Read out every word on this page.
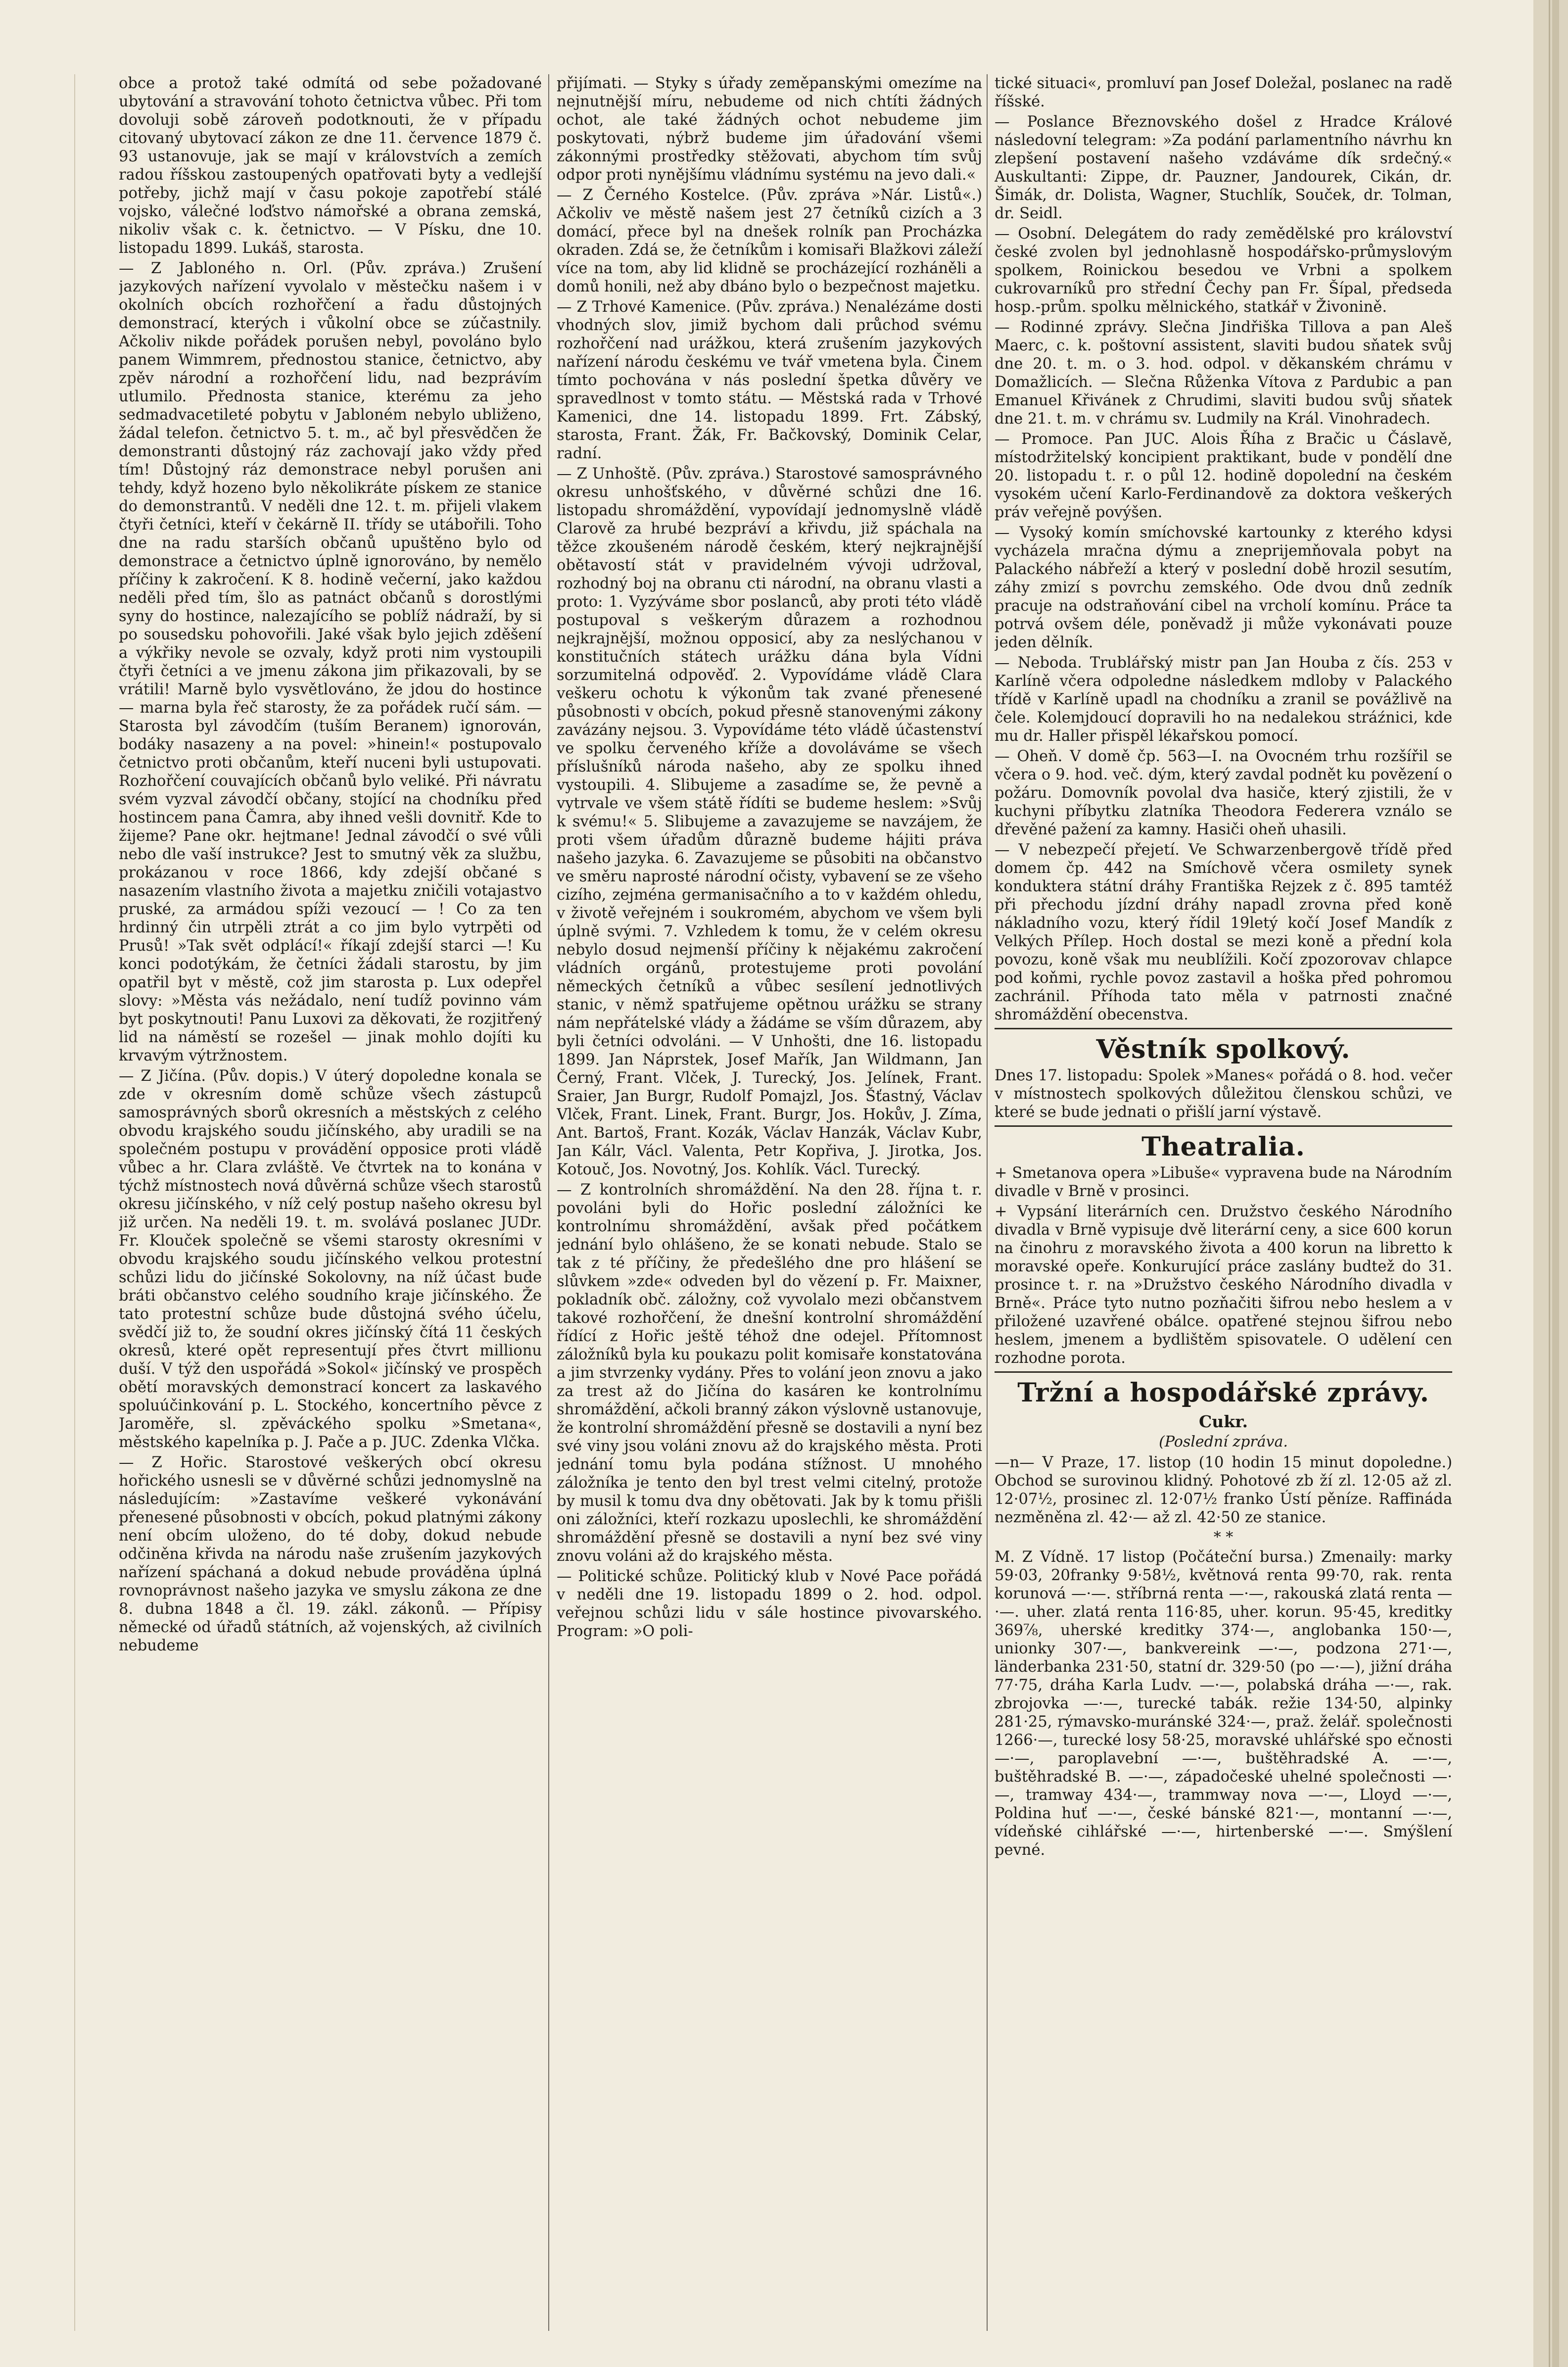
obce a protož také odmítá od sebe požadované ubytování a stravování tohoto četnictva vůbec. Při tom dovoluji sobě zároveň podotknouti, že v případu citovaný ubytovací zákon ze dne 11. července 1879 č. 93 ustanovuje, jak se mají v královstvích a zemích radou říšskou zastoupených opatřovati byty a vedlejší potřeby, jichž mají v času pokoje zapotřebí stálé vojsko, válečné loďstvo námořské a obrana zemská, nikoliv však c. k. četnictvo. — V Písku, dne 10. listopadu 1899. Lukáš, starosta.

— Z Jabloného n. Orl. (Pův. zpráva.) Zrušení jazykových nařízení vyvolalo v městečku našem i v okolních obcích rozhořčení a řadu důstojných demonstrací, kterých i vůkolní obce se zúčastnily. Ačkoliv nikde pořádek porušen nebyl, povoláno bylo panem Wimmrem, přednostou stanice, četnictvo, aby zpěv národní a rozhořčení lidu, nad bezprávím utlumilo. Přednosta stanice, kterému za jeho sedmadvacetileté pobytu v Jabloném nebylo ubliženo, žádal telefon. četnictvo 5. t. m., ač byl přesvědčen že demonstranti důstojný ráz zachovají jako vždy před tím! Důstojný ráz demonstrace nebyl porušen ani tehdy, když hozeno bylo několikráte pískem ze stanice do demonstrantů. V neděli dne 12. t. m. přijeli vlakem čtyři četníci, kteří v čekárně II. třídy se utábořili. Toho dne na radu starších občanů upuštěno bylo od demonstrace a četnictvo úplně ignorováno, by nemělo příčiny k zakročení. K 8. hodině večerní, jako každou neděli před tím, šlo as patnáct občanů s dorostlými syny do hostince, nalezajícího se poblíž nádraží, by si po sousedsku pohovořili. Jaké však bylo jejich zděšení a výkřiky nevole se ozvaly, když proti nim vystoupili čtyři četníci a ve jmenu zákona jim přikazovali, by se vrátili! Marně bylo vysvětlováno, že jdou do hostince — marna byla řeč starosty, že za pořádek ručí sám. — Starosta byl závodčím (tuším Beranem) ignorován, bodáky nasazeny a na povel: »hinein!« postupovalo četnictvo proti občanům, kteří nuceni byli ustupovati. Rozhořčení couvajících občanů bylo veliké. Při návratu svém vyzval závodčí občany, stojící na chodníku před hostincem pana Čamra, aby ihned vešli dovnitř. Kde to žijeme? Pane okr. hejtmane! Jednal závodčí o své vůli nebo dle vaší instrukce? Jest to smutný věk za službu, prokázanou v roce 1866, kdy zdejší občané s nasazením vlastního života a majetku zničili votajastvo pruské, za armádou spíži vezoucí — ! Co za ten hrdinný čin utrpěli ztrát a co jim bylo vytrpěti od Prusů! »Tak svět odplácí!« říkají zdejší starci —! Ku konci podotýkám, že četníci žádali starostu, by jim opatřil byt v městě, což jim starosta p. Lux odepřel slovy: »Města vás nežádalo, není tudíž povinno vám byt poskytnouti! Panu Luxovi za děkovati, že rozjitřený lid na náměstí se rozešel — jinak mohlo dojíti ku krvavým výtržnostem.

— Z Jičína. (Pův. dopis.) V úterý dopoledne konala se zde v okresním domě schůze všech zástupců samosprávných sborů okresních a městských z celého obvodu krajského soudu jičínského, aby uradili se na společném postupu v provádění opposice proti vládě vůbec a hr. Clara zvláště. Ve čtvrtek na to konána v týchž místnostech nová důvěrná schůze všech starostů okresu jičínského, v níž celý postup našeho okresu byl již určen. Na neděli 19. t. m. svolává poslanec JUDr. Fr. Klouček společně se všemi starosty okresními v obvodu krajského soudu jičínského velkou protestní schůzi lidu do jičínské Sokolovny, na níž účast bude bráti občanstvo celého soudního kraje jičínského. Že tato protestní schůze bude důstojná svého účelu, svědčí již to, že soudní okres jičínský čítá 11 českých okresů, které opět representují přes čtvrt millionu duší. V týž den uspořádá »Sokol« jičínský ve prospěch obětí moravských demonstrací koncert za laskavého spoluúčinkování p. L. Stockého, koncertního pěvce z Jaroměře, sl. zpěváckého spolku »Smetana«, městského kapelníka p. J. Pače a p. JUC. Zdenka Vlčka.

— Z Hořic. Starostové veškerých obcí okresu hořického usnesli se v důvěrné schůzi jednomyslně na následujícím: »Zastavíme veškeré vykonávání přenesené působnosti v obcích, pokud platnými zákony není obcím uloženo, do té doby, dokud nebude odčiněna křivda na národu naše zrušením jazykových nařízení spáchaná a dokud nebude prováděna úplná rovnoprávnost našeho jazyka ve smyslu zákona ze dne 8. dubna 1848 a čl. 19. zákl. zákonů. — Přípisy německé od úřadů státních, až vojenských, až civilních nebudeme

přijímati. — Styky s úřady zeměpanskými omezíme na nejnutnější míru, nebudeme od nich chtíti žádných ochot, ale také žádných ochot nebudeme jim poskytovati, nýbrž budeme jim úřadování všemi zákonnými prostředky stěžovati, abychom tím svůj odpor proti nynějšímu vládnímu systému na jevo dali.«

— Z Černého Kostelce. (Pův. zpráva »Nár. Listů«.) Ačkoliv ve městě našem jest 27 četníků cizích a 3 domácí, přece byl na dnešek rolník pan Procházka okraden. Zdá se, že četníkům i komisaři Blažkovi záleží více na tom, aby lid klidně se procházející rozháněli a domů honili, než aby dbáno bylo o bezpečnost majetku.

— Z Trhové Kamenice. (Pův. zpráva.) Nenalézáme dosti vhodných slov, jimiž bychom dali průchod svému rozhořčení nad urážkou, která zrušením jazykových nařízení národu českému ve tvář vmetena byla. Činem tímto pochována v nás poslední špetka důvěry ve spravedlnost v tomto státu. — Městská rada v Trhové Kamenici, dne 14. listopadu 1899. Frt. Zábský, starosta, Frant. Žák, Fr. Bačkovský, Dominik Celar, radní.

— Z Unhoště. (Pův. zpráva.) Starostové samosprávného okresu unhošťského, v důvěrné schůzi dne 16. listopadu shromáždění, vypovídají jednomyslně vládě Clarově za hrubé bezpráví a křivdu, již spáchala na těžce zkoušeném národě českém, který nejkrajnější obětavostí stát v pravidelném vývoji udržoval, rozhodný boj na obranu cti národní, na obranu vlasti a proto: 1. Vyzýváme sbor poslanců, aby proti této vládě postupoval s veškerým důrazem a rozhodnou nejkrajnější, možnou opposicí, aby za neslýchanou v konstitučních státech urážku dána byla Vídni sorzumitelná odpověď. 2. Vypovídáme vládě Clara veškeru ochotu k výkonům tak zvané přenesené působnosti v obcích, pokud přesně stanovenými zákony zavázány nejsou. 3. Vypovídáme této vládě účastenství ve spolku červeného kříže a dovoláváme se všech příslušníků národa našeho, aby ze spolku ihned vystoupili. 4. Slibujeme a zasadíme se, že pevně a vytrvale ve všem státě řídíti se budeme heslem: »Svůj k svému!« 5. Slibujeme a zavazujeme se navzájem, že proti všem úřadům důrazně budeme hájiti práva našeho jazyka. 6. Zavazujeme se působiti na občanstvo ve směru naprosté národní očisty, vybavení se ze všeho cizího, zejména germanisačního a to v každém ohledu, v životě veřejném i soukromém, abychom ve všem byli úplně svými. 7. Vzhledem k tomu, že v celém okresu nebylo dosud nejmenší příčiny k nějakému zakročení vládních orgánů, protestujeme proti povolání německých četníků a vůbec sesílení jednotlivých stanic, v němž spatřujeme opětnou urážku se strany nám nepřátelské vlády a žádáme se vším důrazem, aby byli četníci odvoláni. — V Unhošti, dne 16. listopadu 1899. Jan Náprstek, Josef Mařík, Jan Wildmann, Jan Černý, Frant. Vlček, J. Turecký, Jos. Jelínek, Frant. Sraier, Jan Burgr, Rudolf Pomajzl, Jos. Šťastný, Václav Vlček, Frant. Linek, Frant. Burgr, Jos. Hokův, J. Zíma, Ant. Bartoš, Frant. Kozák, Václav Hanzák, Václav Kubr, Jan Kálr, Václ. Valenta, Petr Kopřiva, J. Jirotka, Jos. Kotouč, Jos. Novotný, Jos. Kohlík. Václ. Turecký.

— Z kontrolních shromáždění. Na den 28. října t. r. povoláni byli do Hořic poslední záložníci ke kontrolnímu shromáždění, avšak před počátkem jednání bylo ohlášeno, že se konati nebude. Stalo se tak z té příčiny, že předešlého dne pro hlášení se slůvkem »zde« odveden byl do vězení p. Fr. Maixner, pokladník obč. záložny, což vyvolalo mezi občanstvem takové rozhořčení, že dnešní kontrolní shromáždění řídící z Hořic ještě téhož dne odejel. Přítomnost záložníků byla ku poukazu polit komisaře konstatována a jim stvrzenky vydány. Přes to volání jeon znovu a jako za trest až do Jičína do kasáren ke kontrolnímu shromáždění, ačkoli branný zákon výslovně ustanovuje, že kontrolní shromáždění přesně se dostavili a nyní bez své viny jsou voláni znovu až do krajského města. Proti jednání tomu byla podána stížnost. U mnohého záložníka je tento den byl trest velmi citelný, protože by musil k tomu dva dny obětovati. Jak by k tomu přišli oni záložníci, kteří rozkazu uposlechli, ke shromáždění shromáždění přesně se dostavili a nyní bez své viny znovu voláni až do krajského města.

— Politické schůze. Politický klub v Nové Pace pořádá v neděli dne 19. listopadu 1899 o 2. hod. odpol. veřejnou schůzi lidu v sále hostince pivovarského. Program: »O poli-

tické situaci«, promluví pan Josef Doležal, poslanec na radě říšské.

— Poslance Březnovského došel z Hradce Králové následovní telegram: »Za podání parlamentního návrhu kn zlepšení postavení našeho vzdáváme dík srdečný.« Auskultanti: Zippe, dr. Pauzner, Jandourek, Cikán, dr. Šimák, dr. Dolista, Wagner, Stuchlík, Souček, dr. Tolman, dr. Seidl.

— Osobní. Delegátem do rady zemědělské pro království české zvolen byl jednohlasně hospodářsko-průmyslovým spolkem, Roinickou besedou ve Vrbni a spolkem cukrovarníků pro střední Čechy pan Fr. Šípal, předseda hosp.-prům. spolku mělnického, statkář v Živonině.

— Rodinné zprávy. Slečna Jindřiška Tillova a pan Aleš Maerc, c. k. poštovní assistent, slaviti budou sňatek svůj dne 20. t. m. o 3. hod. odpol. v děkanském chrámu v Domažlicích. — Slečna Růženka Vítova z Pardubic a pan Emanuel Křivánek z Chrudimi, slaviti budou svůj sňatek dne 21. t. m. v chrámu sv. Ludmily na Král. Vinohradech.

— Promoce. Pan JUC. Alois Říha z Bračic u Čáslavě, místodržitelský koncipient praktikant, bude v pondělí dne 20. listopadu t. r. o půl 12. hodině dopolední na českém vysokém učení Karlo-Ferdinandově za doktora veškerých práv veřejně povýšen.

— Vysoký komín smíchovské kartounky z kterého kdysi vycházela mračna dýmu a zneprijemňovala pobyt na Palackého nábřeží a který v poslední době hrozil sesutím, záhy zmizí s povrchu zemského. Ode dvou dnů zedník pracuje na odstraňování cibel na vrcholí komínu. Práce ta potrvá ovšem déle, poněvadž ji může vykonávati pouze jeden dělník.

— Neboda. Trublářský mistr pan Jan Houba z čís. 253 v Karlíně včera odpoledne následkem mdloby v Palackého třídě v Karlíně upadl na chodníku a zranil se povážlivě na čele. Kolemjdoucí dopravili ho na nedalekou stráźnici, kde mu dr. Haller přispěl lékařskou pomocí.

— Oheň. V domě čp. 563—I. na Ovocném trhu rozšířil se včera o 9. hod. več. dým, který zavdal podnět ku povězení o požáru. Domovník povolal dva hasiče, který zjistili, že v kuchyni příbytku zlatníka Theodora Federera vználo se dřevěné pažení za kamny. Hasiči oheň uhasili.

— V nebezpečí přejetí. Ve Schwarzenbergově třídě před domem čp. 442 na Smíchově včera osmilety synek konduktera státní dráhy Františka Rejzek z č. 895 tamtéž při přechodu jízdní dráhy napadl zrovna před koně nákladního vozu, který řídil 19letý kočí Josef Mandík z Velkých Přílep. Hoch dostal se mezi koně a přední kola povozu, koně však mu neublížili. Kočí zpozorovav chlapce pod koňmi, rychle povoz zastavil a hoška před pohromou zachránil. Příhoda tato měla v patrnosti značné shromáždění obecenstva.

Věstník spolkový.

Dnes 17. listopadu: Spolek »Manes« pořádá o 8. hod. večer v místnostech spolkových důležitou členskou schůzi, ve které se bude jednati o přišlí jarní výstavě.

Theatralia.

+ Smetanova opera »Libuše« vypravena bude na Národním divadle v Brně v prosinci.

+ Vypsání literárních cen. Družstvo českého Národního divadla v Brně vypisuje dvě literární ceny, a sice 600 korun na činohru z moravského života a 400 korun na libretto k moravské opeře. Konkurující práce zaslány budtež do 31. prosince t. r. na »Družstvo českého Národního divadla v Brně«. Práce tyto nutno pozňačiti šifrou nebo heslem a v přiložené uzavřené obálce. opatřené stejnou šifrou nebo heslem, jmenem a bydlištěm spisovatele. O udělení cen rozhodne porota.

Tržní a hospodářské zprávy.
Cukr.
(Poslední zpráva.

—n— V Praze, 17. listop (10 hodin 15 minut dopoledne.) Obchod se surovinou klidný. Pohotové zb ží zl. 12·05 až zl. 12·07½, prosinec zl. 12·07½ franko Ústí pěníze. Raffináda nezměněna zl. 42·— až zl. 42·50 ze stanice.

* *

M. Z Vídně. 17 listop (Počáteční bursa.) Zmenaily: marky 59·03, 20franky 9·58½, květnová renta 99·70, rak. renta korunová —·—. stříbrná renta —·—, rakouská zlatá renta —·—. uher. zlatá renta 116·85, uher. korun. 95·45, kreditky 369⅞, uherské kreditky 374·—, anglobanka 150·—, unionky 307·—, bankvereink —·—, podzona 271·—, länderbanka 231·50, statní dr. 329·50 (po —·—), jižní dráha 77·75, dráha Karla Ludv. —·—, polabská dráha —·—, rak. zbrojovka —·—, turecké tabák. režie 134·50, alpinky 281·25, rýmavsko-muránské 324·—, praž. želář. společnosti 1266·—, turecké losy 58·25, moravské uhlářské spo ečnosti —·—, paroplavební —·—, buštěhradské A. —·—, buštěhradské B. —·—, západočeské uhelné společnosti —·—, tramway 434·—, trammway nova —·—, Lloyd —·—, Poldina huť —·—, české bánské 821·—, montanní —·—, vídeňské cihlářské —·—, hirtenberské —·—. Smýšlení pevné.
